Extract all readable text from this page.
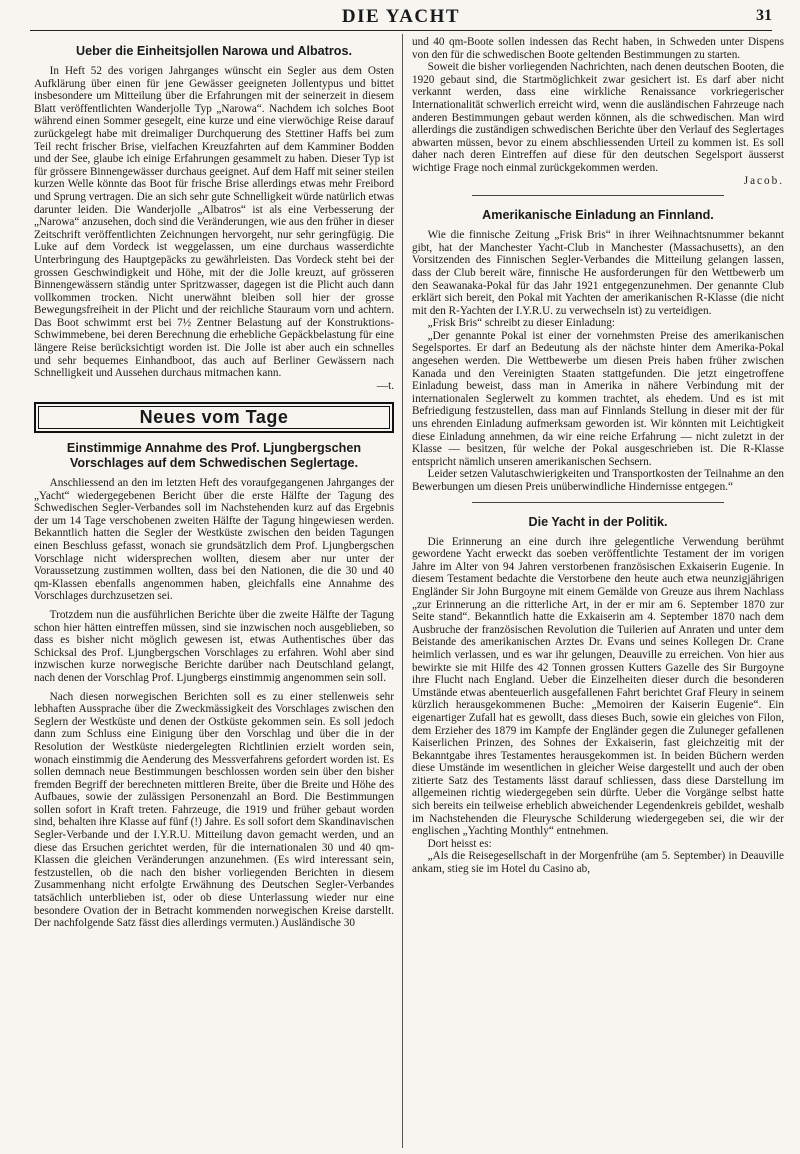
DIE YACHT	31
Ueber die Einheitsjollen Narowa und Albatros.

In Heft 52 des vorigen Jahrganges wünscht ein Segler aus dem Osten Aufklärung über einen für jene Gewässer geeigneten Jollentypus und bittet insbesondere um Mitteilung über die Erfahrungen mit der seinerzeit in diesem Blatt veröffentlichten Wanderjolle Typ „Narowa“. Nachdem ich solches Boot während einen Sommer gesegelt, eine kurze und eine vierwöchige Reise darauf zurückgelegt habe mit dreimaliger Durchquerung des Stettiner Haffs bei zum Teil recht frischer Brise, vielfachen Kreuzfahrten auf dem Kamminer Bodden und der See, glaube ich einige Erfahrungen gesammelt zu haben. Dieser Typ ist für grössere Binnengewässer durchaus geeignet. Auf dem Haff mit seiner steilen kurzen Welle könnte das Boot für frische Brise allerdings etwas mehr Freibord und Sprung vertragen. Die an sich sehr gute Schnelligkeit würde natürlich etwas darunter leiden. Die Wanderjolle „Albatros“ ist als eine Verbesserung der „Narowa“ anzusehen, doch sind die Veränderungen, wie aus den früher in dieser Zeitschrift veröffentlichten Zeichnungen hervorgeht, nur sehr geringfügig. Die Luke auf dem Vordeck ist weggelassen, um eine durchaus wasserdichte Unterbringung des Hauptgepäcks zu gewährleisten. Das Vordeck steht bei der grossen Geschwindigkeit und Höhe, mit der die Jolle kreuzt, auf grösseren Binnengewässern ständig unter Spritzwasser, dagegen ist die Plicht auch dann vollkommen trocken. Nicht unerwähnt bleiben soll hier der grosse Bewegungsfreiheit in der Plicht und der reichliche Stauraum vorn und achtern. Das Boot schwimmt erst bei 7½ Zentner Belastung auf der Konstruktions-Schwimmebene, bei deren Berechnung die erhebliche Gepäckbelastung für eine längere Reise berücksichtigt worden ist. Die Jolle ist aber auch ein schnelles und sehr bequemes Einhandboot, das auch auf Berliner Gewässern nach Schnelligkeit und Aussehen durchaus mitmachen kann.

—t.
Neues vom Tage
Einstimmige Annahme des Prof. Ljungbergschen Vorschlages auf dem Schwedischen Seglertage.

Anschliessend an den im letzten Heft des voraufgegangenen Jahrganges der „Yacht“ wiedergegebenen Bericht über die erste Hälfte der Tagung des Schwedischen Segler-Verbandes soll im Nachstehenden kurz auf das Ergebnis der um 14 Tage verschobenen zweiten Hälfte der Tagung hingewiesen werden. Bekanntlich hatten die Segler der Westküste zwischen den beiden Tagungen einen Beschluss gefasst, wonach sie grundsätzlich dem Prof. Ljungbergschen Vorschlage nicht widersprechen wollten, diesem aber nur unter der Voraussetzung zustimmen wollten, dass bei den Nationen, die die 30 und 40 qm-Klassen ebenfalls angenommen haben, gleichfalls eine Annahme des Vorschlages durchzusetzen sei.

Trotzdem nun die ausführlichen Berichte über die zweite Hälfte der Tagung schon hier hätten eintreffen müssen, sind sie inzwischen noch ausgeblieben, so dass es bisher nicht möglich gewesen ist, etwas Authentisches über das Schicksal des Prof. Ljungbergschen Vorschlages zu erfahren. Wohl aber sind inzwischen kurze norwegische Berichte darüber nach Deutschland gelangt, nach denen der Vorschlag Prof. Ljungbergs einstimmig angenommen sein soll.

Nach diesen norwegischen Berichten soll es zu einer stellenweis sehr lebhaften Aussprache über die Zweckmässigkeit des Vorschlages zwischen den Seglern der Westküste und denen der Ostküste gekommen sein. Es soll jedoch dann zum Schluss eine Einigung über den Vorschlag und über die in der Resolution der Westküste niedergelegten Richtlinien erzielt worden sein, wonach einstimmig die Aenderung des Messverfahrens gefordert worden ist. Es sollen demnach neue Bestimmungen beschlossen worden sein über den bisher fremden Begriff der berechneten mittleren Breite, über die Breite und Höhe des Aufbaues, sowie der zulässigen Personenzahl an Bord. Die Bestimmungen sollen sofort in Kraft treten. Fahrzeuge, die 1919 und früher gebaut worden sind, behalten ihre Klasse auf fünf (!) Jahre. Es soll sofort dem Skandinavischen Segler-Verbande und der I.Y.R.U. Mitteilung davon gemacht werden, und an diese das Ersuchen gerichtet werden, für die internationalen 30 und 40 qm-Klassen die gleichen Veränderungen anzunehmen. (Es wird interessant sein, festzustellen, ob die nach den bisher vorliegenden Berichten in diesem Zusammenhang nicht erfolgte Erwähnung des Deutschen Segler-Verbandes tatsächlich unterblieben ist, oder ob diese Unterlassung wieder nur eine besondere Ovation der in Betracht kommenden norwegischen Kreise darstellt. Der nachfolgende Satz fässt dies allerdings vermuten.) Ausländische 30

und 40 qm-Boote sollen indessen das Recht haben, in Schweden unter Dispens von den für die schwedischen Boote geltenden Bestimmungen zu starten.

Soweit die bisher vorliegenden Nachrichten, nach denen deutschen Booten, die 1920 gebaut sind, die Startmöglichkeit zwar gesichert ist. Es darf aber nicht verkannt werden, dass eine wirkliche Renaissance vorkriegerischer Internationalität schwerlich erreicht wird, wenn die ausländischen Fahrzeuge nach anderen Bestimmungen gebaut werden können, als die schwedischen. Man wird allerdings die zuständigen schwedischen Berichte über den Verlauf des Seglertages abwarten müssen, bevor zu einem abschliessenden Urteil zu kommen ist. Es soll daher nach deren Eintreffen auf diese für den deutschen Segelsport äusserst wichtige Frage noch einmal zurückgekommen werden.

Jacob.
Amerikanische Einladung an Finnland.

Wie die finnische Zeitung „Frisk Bris“ in ihrer Weihnachtsnummer bekannt gibt, hat der Manchester Yacht-Club in Manchester (Massachusetts), an den Vorsitzenden des Finnischen Segler-Verbandes die Mitteilung gelangen lassen, dass der Club bereit wäre, finnische He ausforderungen für den Wettbewerb um den Seawanaka-Pokal für das Jahr 1921 entgegenzunehmen. Der genannte Club erklärt sich bereit, den Pokal mit Yachten der amerikanischen R-Klasse (die nicht mit den R-Yachten der I.Y.R.U. zu verwechseln ist) zu verteidigen.

„Frisk Bris“ schreibt zu dieser Einladung:

„Der genannte Pokal ist einer der vornehmsten Preise des amerikanischen Segelsportes. Er darf an Bedeutung als der nächste hinter dem Amerika-Pokal angesehen werden. Die Wettbewerbe um diesen Preis haben früher zwischen Kanada und den Vereinigten Staaten stattgefunden. Die jetzt eingetroffene Einladung beweist, dass man in Amerika in nähere Verbindung mit der internationalen Seglerwelt zu kommen trachtet, als ehedem. Und es ist mit Befriedigung festzustellen, dass man auf Finnlands Stellung in dieser mit der für uns ehrenden Einladung aufmerksam geworden ist. Wir könnten mit Leichtigkeit diese Einladung annehmen, da wir eine reiche Erfahrung — nicht zuletzt in der Klasse — besitzen, für welche der Pokal ausgeschrieben ist. Die R-Klasse entspricht nämlich unseren amerikanischen Sechsern.

Leider setzen Valutaschwierigkeiten und Transportkosten der Teilnahme an den Bewerbungen um diesen Preis unüberwindliche Hindernisse entgegen.“

Die Yacht in der Politik.

Die Erinnerung an eine durch ihre gelegentliche Verwendung berühmt gewordene Yacht erweckt das soeben veröffentlichte Testament der im vorigen Jahre im Alter von 94 Jahren verstorbenen französischen Exkaiserin Eugenie. In diesem Testament bedachte die Verstorbene den heute auch etwa neunzigjährigen Engländer Sir John Burgoyne mit einem Gemälde von Greuze aus ihrem Nachlass „zur Erinnerung an die ritterliche Art, in der er mir am 6. September 1870 zur Seite stand“. Bekanntlich hatte die Exkaiserin am 4. September 1870 nach dem Ausbruche der französischen Revolution die Tuilerien auf Anraten und unter dem Beistande des amerikanischen Arztes Dr. Evans und seines Kollegen Dr. Crane heimlich verlassen, und es war ihr gelungen, Deauville zu erreichen. Von hier aus bewirkte sie mit Hilfe des 42 Tonnen grossen Kutters Gazelle des Sir Burgoyne ihre Flucht nach England. Ueber die Einzelheiten dieser durch die besonderen Umstände etwas abenteuerlich ausgefallenen Fahrt berichtet Graf Fleury in seinem kürzlich herausgekommenen Buche: „Memoiren der Kaiserin Eugenie“. Ein eigenartiger Zufall hat es gewollt, dass dieses Buch, sowie ein gleiches von Filon, dem Erzieher des 1879 im Kampfe der Engländer gegen die Zuluneger gefallenen Kaiserlichen Prinzen, des Sohnes der Exkaiserin, fast gleichzeitig mit der Bekanntgabe ihres Testamentes herausgekommen ist. In beiden Büchern werden diese Umstände im wesentlichen in gleicher Weise dargestellt und auch der oben zitierte Satz des Testaments lässt darauf schliessen, dass diese Darstellung im allgemeinen richtig wiedergegeben sein dürfte. Ueber die Vorgänge selbst hatte sich bereits ein teilweise erheblich abweichender Legendenkreis gebildet, weshalb im Nachstehenden die Fleurysche Schilderung wiedergegeben sei, die wir der englischen „Yachting Monthly“ entnehmen.

Dort heisst es:

„Als die Reisegesellschaft in der Morgenfrühe (am 5. September) in Deauville ankam, stieg sie im Hotel du Casino ab,
